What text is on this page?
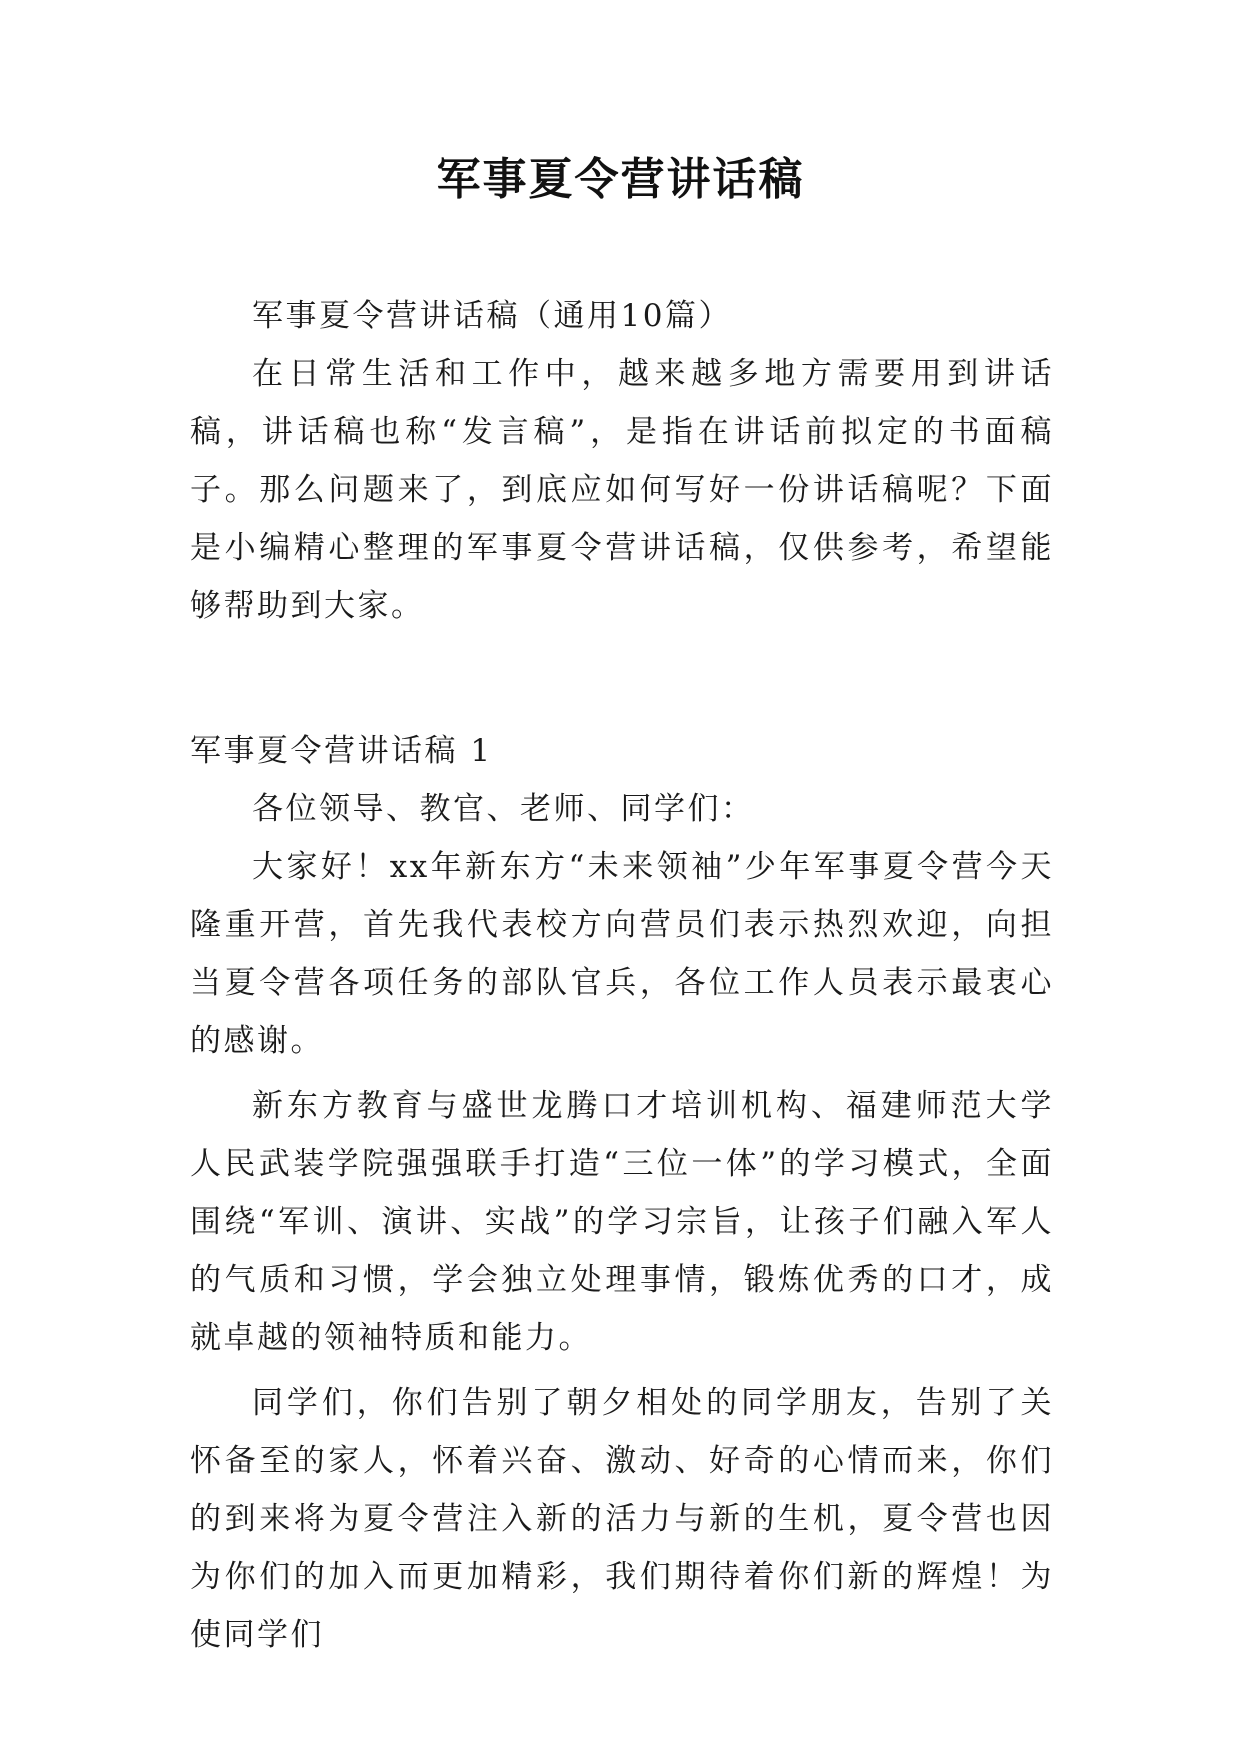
军事夏令营讲话稿

军事夏令营讲话稿（通用10篇）

在日常生活和工作中，越来越多地方需要用到讲话稿，讲话稿也称“发言稿”，是指在讲话前拟定的书面稿子。那么问题来了，到底应如何写好一份讲话稿呢？下面是小编精心整理的军事夏令营讲话稿，仅供参考，希望能够帮助到大家。

军事夏令营讲话稿 1

各位领导、教官、老师、同学们：

大家好！xx年新东方“未来领袖”少年军事夏令营今天隆重开营，首先我代表校方向营员们表示热烈欢迎，向担当夏令营各项任务的部队官兵，各位工作人员表示最衷心的感谢。

新东方教育与盛世龙腾口才培训机构、福建师范大学人民武装学院强强联手打造“三位一体”的学习模式，全面围绕“军训、演讲、实战”的学习宗旨，让孩子们融入军人的气质和习惯，学会独立处理事情，锻炼优秀的口才，成就卓越的领袖特质和能力。

同学们，你们告别了朝夕相处的同学朋友，告别了关怀备至的家人，怀着兴奋、激动、好奇的心情而来，你们的到来将为夏令营注入新的活力与新的生机，夏令营也因为你们的加入而更加精彩，我们期待着你们新的辉煌！为使同学们
